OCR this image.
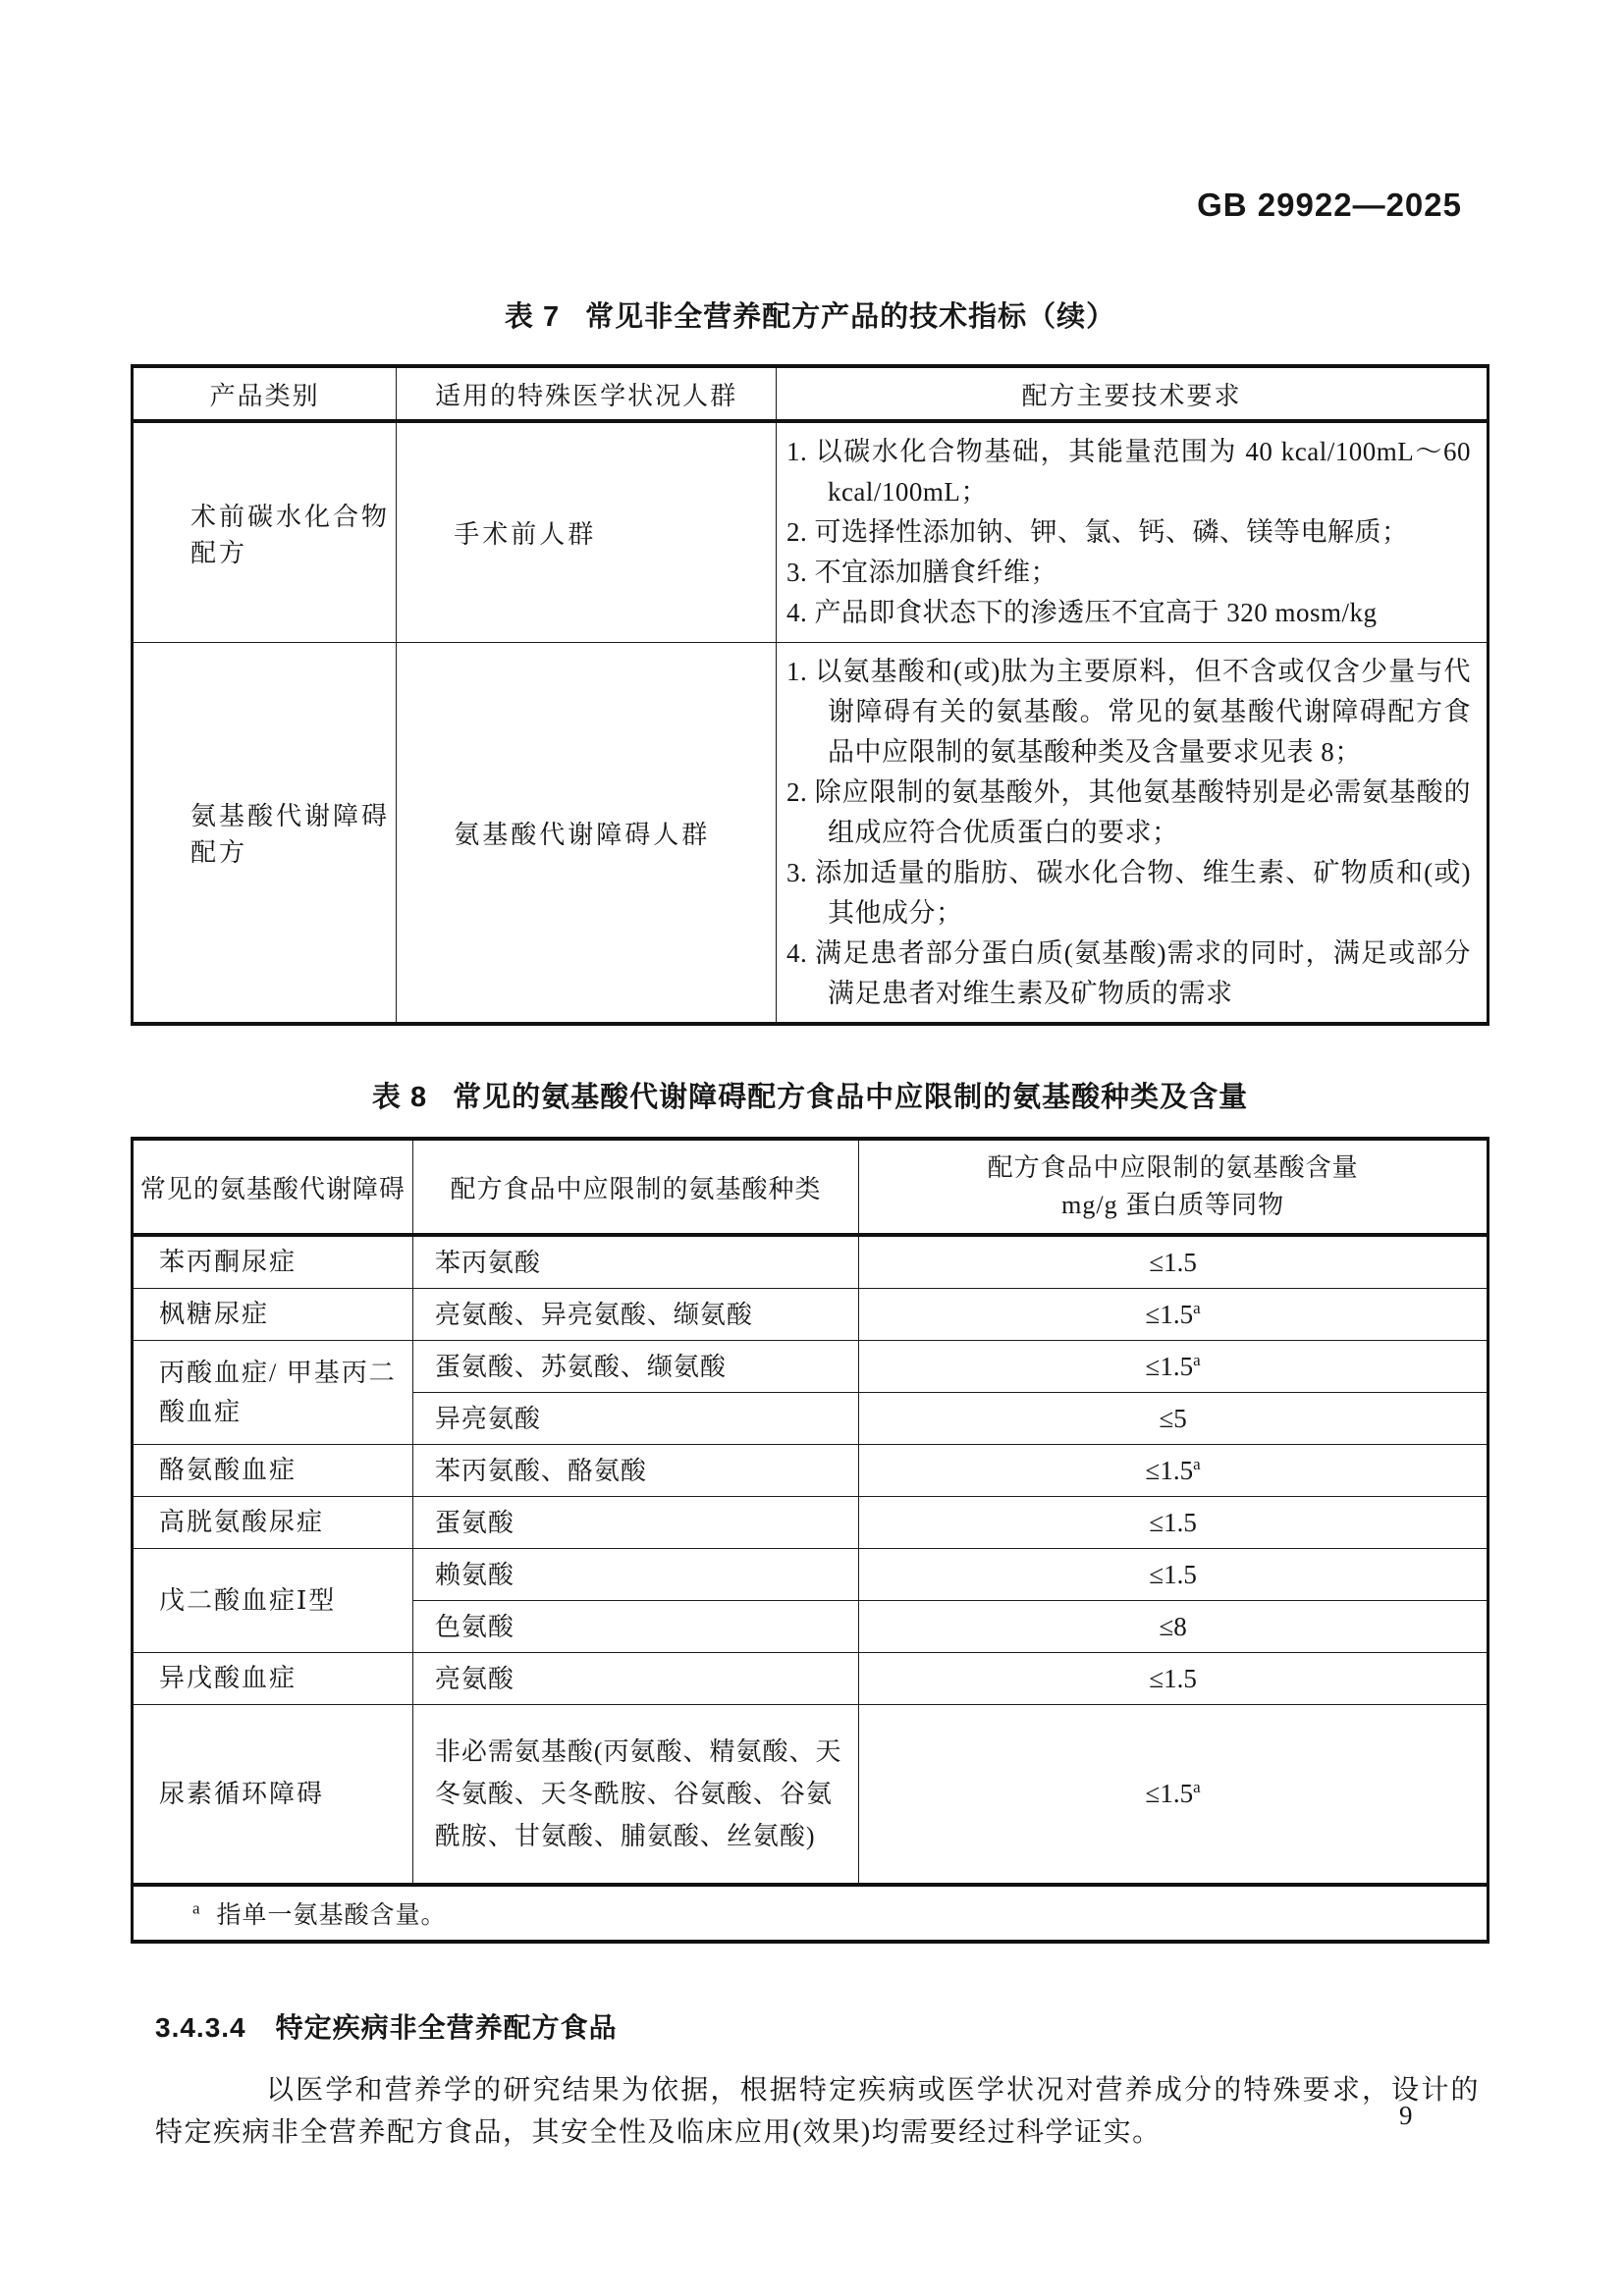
GB 29922—2025
表 7 常见非全营养配方产品的技术指标（续）
产品类别	适用的特殊医学状况人群	配方主要技术要求
术前碳水化合物配方	手术前人群	1. 以碳水化合物基础，其能量范围为 40 kcal/100mL～60 kcal/100mL；
2. 可选择性添加钠、钾、氯、钙、磷、镁等电解质；
3. 不宜添加膳食纤维；
4. 产品即食状态下的渗透压不宜高于 320 mosm/kg

氨基酸代谢障碍配方	氨基酸代谢障碍人群	1. 以氨基酸和(或)肽为主要原料，但不含或仅含少量与代谢障碍有关的氨基酸。常见的氨基酸代谢障碍配方食品中应限制的氨基酸种类及含量要求见表 8；
2. 除应限制的氨基酸外，其他氨基酸特别是必需氨基酸的组成应符合优质蛋白的要求；
3. 添加适量的脂肪、碳水化合物、维生素、矿物质和(或)其他成分；
4. 满足患者部分蛋白质(氨基酸)需求的同时，满足或部分满足患者对维生素及矿物质的需求
表 8 常见的氨基酸代谢障碍配方食品中应限制的氨基酸种类及含量
常见的氨基酸代谢障碍	配方食品中应限制的氨基酸种类	配方食品中应限制的氨基酸含量
mg/g 蛋白质等同物

苯丙酮尿症	苯丙氨酸	≤1.5
枫糖尿症	亮氨酸、异亮氨酸、缬氨酸	≤1.5$^a$
丙酸血症/ 甲基丙二酸血症	蛋氨酸、苏氨酸、缬氨酸	≤1.5$^a$
	异亮氨酸	≤5
酪氨酸血症	苯丙氨酸、酪氨酸	≤1.5$^a$
高胱氨酸尿症	蛋氨酸	≤1.5
戊二酸血症Ⅰ型	赖氨酸	≤1.5
	色氨酸	≤8
异戊酸血症	亮氨酸	≤1.5
尿素循环障碍	非必需氨基酸(丙氨酸、精氨酸、天冬氨酸、天冬酰胺、谷氨酸、谷氨酰胺、甘氨酸、脯氨酸、丝氨酸)	≤1.5$^a$
$^a$ 指单一氨基酸含量。		
3.4.3.4 特定疾病非全营养配方食品

以医学和营养学的研究结果为依据，根据特定疾病或医学状况对营养成分的特殊要求，设计的特定疾病非全营养配方食品，其安全性及临床应用(效果)均需要经过科学证实。

9
